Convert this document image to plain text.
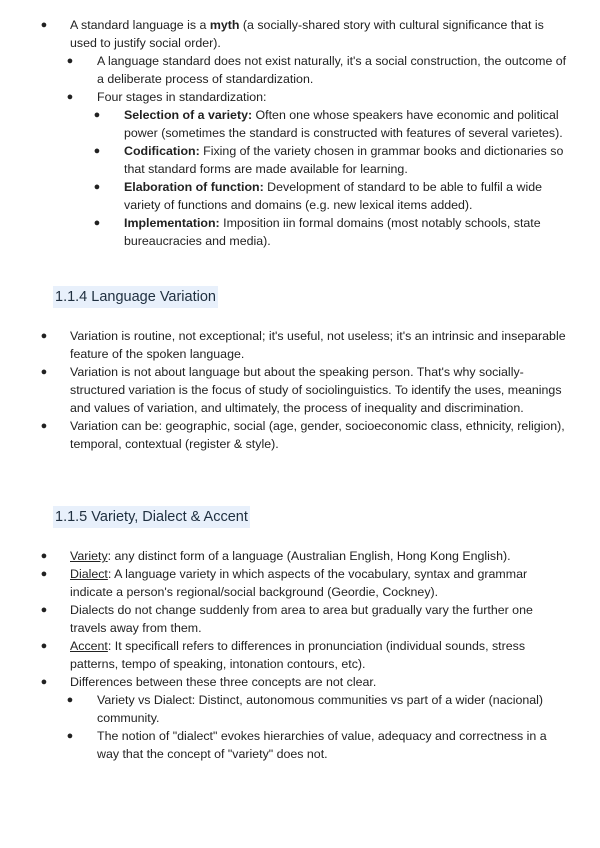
● A standard language is a myth (a socially-shared story with cultural significance that is used to justify social order).
● A language standard does not exist naturally, it's a social construction, the outcome of a deliberate process of standardization.
● Four stages in standardization:
● Selection of a variety: Often one whose speakers have economic and political power (sometimes the standard is constructed with features of several varietes).
● Codification: Fixing of the variety chosen in grammar books and dictionaries so that standard forms are made available for learning.
● Elaboration of function: Development of standard to be able to fulfil a wide variety of functions and domains (e.g. new lexical items added).
● Implementation: Imposition iin formal domains (most notably schools, state bureaucracies and media).
1.1.4 Language Variation
● Variation is routine, not exceptional; it's useful, not useless; it's an intrinsic and inseparable feature of the spoken language.
● Variation is not about language but about the speaking person. That's why socially-structured variation is the focus of study of sociolinguistics. To identify the uses, meanings and values of variation, and ultimately, the process of inequality and discrimination.
● Variation can be: geographic, social (age, gender, socioeconomic class, ethnicity, religion), temporal, contextual (register & style).
1.1.5 Variety, Dialect & Accent
● Variety: any distinct form of a language (Australian English, Hong Kong English).
● Dialect: A language variety in which aspects of the vocabulary, syntax and grammar indicate a person's regional/social background (Geordie, Cockney).
● Dialects do not change suddenly from area to area but gradually vary the further one travels away from them.
● Accent: It specificall refers to differences in pronunciation (individual sounds, stress patterns, tempo of speaking, intonation contours, etc).
● Differences between these three concepts are not clear.
● Variety vs Dialect: Distinct, autonomous communities vs part of a wider (nacional) community.
● The notion of "dialect" evokes hierarchies of value, adequacy and correctness in a way that the concept of "variety" does not.
